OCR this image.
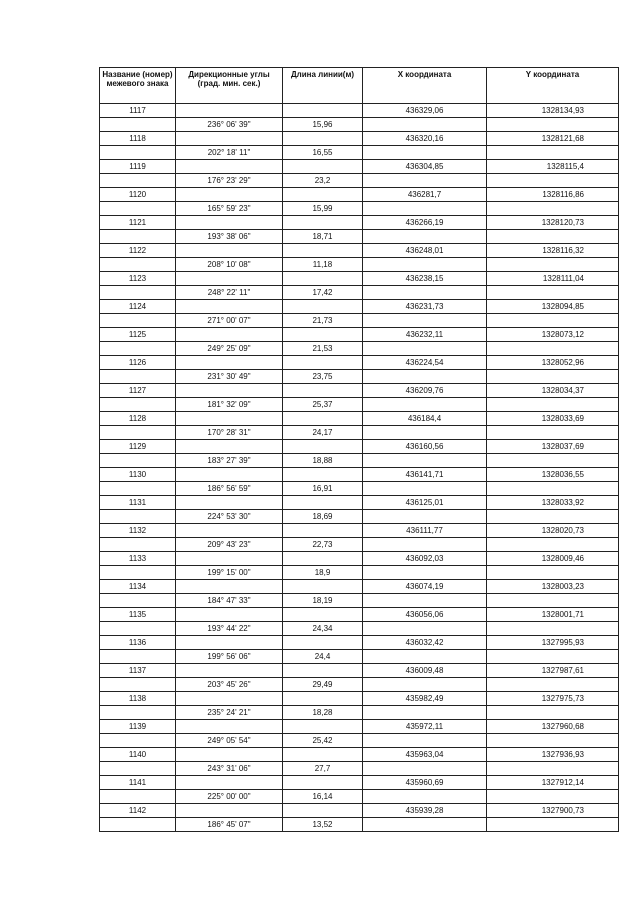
Название (номер) межевого знака	Дирекционные углы (град. мин. сек.)	Длина линии(м)	X координата	Y координата
1117			436329,06	1328134,93
	236° 06' 39"	15,96		
1118			436320,16	1328121,68
	202° 18' 11"	16,55		
1119			436304,85	1328115,4
	176° 23' 29"	23,2		
1120			436281,7	1328116,86
	165° 59' 23"	15,99		
1121			436266,19	1328120,73
	193° 38' 06"	18,71		
1122			436248,01	1328116,32
	208° 10' 08"	11,18		
1123			436238,15	1328111,04
	248° 22' 11"	17,42		
1124			436231,73	1328094,85
	271° 00' 07"	21,73		
1125			436232,11	1328073,12
	249° 25' 09"	21,53		
1126			436224,54	1328052,96
	231° 30' 49"	23,75		
1127			436209,76	1328034,37
	181° 32' 09"	25,37		
1128			436184,4	1328033,69
	170° 28' 31"	24,17		
1129			436160,56	1328037,69
	183° 27' 39"	18,88		
1130			436141,71	1328036,55
	186° 56' 59"	16,91		
1131			436125,01	1328033,92
	224° 53' 30"	18,69		
1132			436111,77	1328020,73
	209° 43' 23"	22,73		
1133			436092,03	1328009,46
	199° 15' 00"	18,9		
1134			436074,19	1328003,23
	184° 47' 33"	18,19		
1135			436056,06	1328001,71
	193° 44' 22"	24,34		
1136			436032,42	1327995,93
	199° 56' 06"	24,4		
1137			436009,48	1327987,61
	203° 45' 26"	29,49		
1138			435982,49	1327975,73
	235° 24' 21"	18,28		
1139			435972,11	1327960,68
	249° 05' 54"	25,42		
1140			435963,04	1327936,93
	243° 31' 06"	27,7		
1141			435960,69	1327912,14
	225° 00' 00"	16,14		
1142			435939,28	1327900,73
	186° 45' 07"	13,52		
